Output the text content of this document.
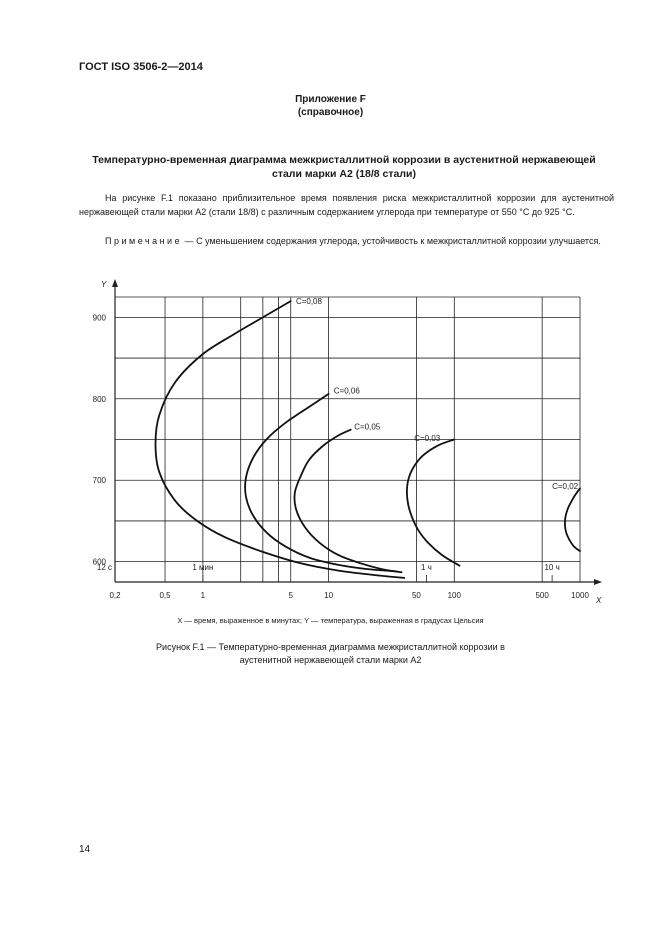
ГОСТ ISO 3506-2—2014
Приложение F
(справочное)
Температурно-временная диаграмма межкристаллитной коррозии в аустенитной нержавеющей
стали марки А2 (18/8 стали)
На рисунке F.1 показано приблизительное время появления риска межкристаллитной коррозии для аустенитной нержавеющей стали марки А2 (стали 18/8) с различным содержанием углерода при температуре от 550 °С до 925 °С.
Примечание — С уменьшением содержания углерода, устойчивость к межкристаллитной коррозии улучшается.
0,2	0,5	1	5	10	50	100	500	1000
600
700
800
900
12 с	1 мин	1 ч	10 ч
X
Y
C=0,08
C=0,06
C=0,05
C=0,03
C=0,02
X — время, выраженное в минутах; Y — температура, выраженная в градусах Цельсия
Рисунок F.1 — Температурно-временная диаграмма межкристаллитной коррозии в
аустенитной нержавеющей стали марки А2
14
